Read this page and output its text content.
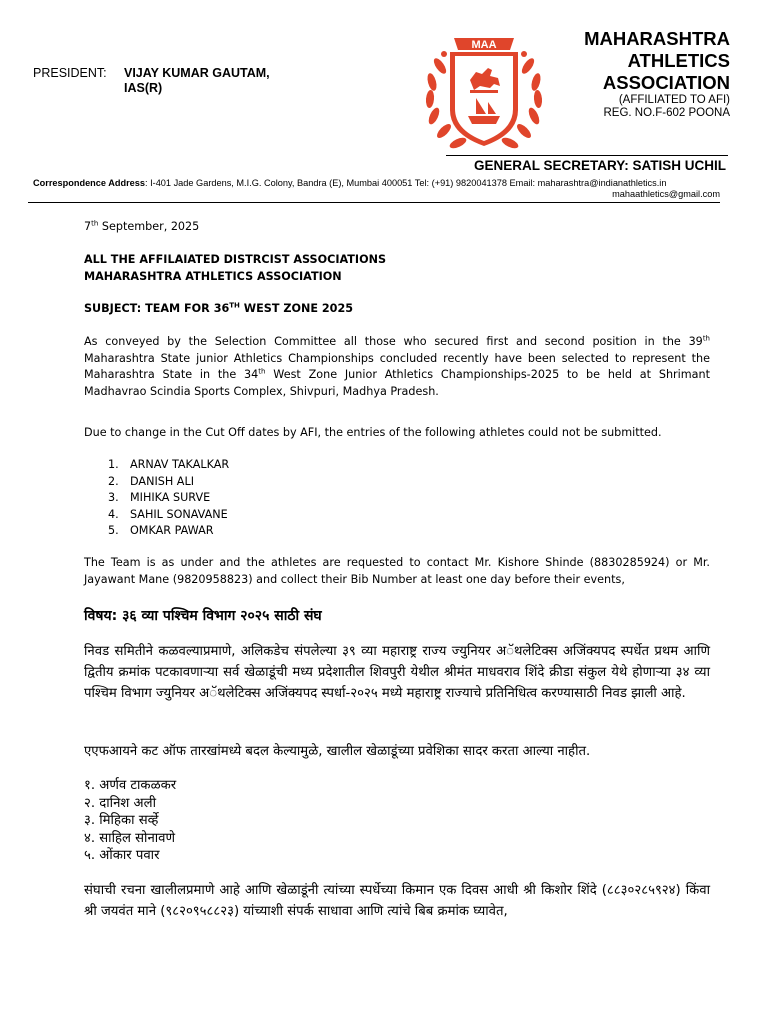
PRESIDENT: VIJAY KUMAR GAUTAM,
IAS(R)
MAA	MAHARASHTRA
ATHLETICS
ASSOCIATION
(AFFILIATED TO AFI)
REG. NO.F-602 POONA
GENERAL SECRETARY: SATISH UCHIL
Correspondence Address: I-401 Jade Gardens, M.I.G. Colony, Bandra (E), Mumbai 400051 Tel: (+91) 9820041378 Email: maharashtra@indianathletics.in
mahaathletics@gmail.com
7th September, 2025
ALL THE AFFILAIATED DISTRCIST ASSOCIATIONS
MAHARASHTRA ATHLETICS ASSOCIATION
SUBJECT: TEAM FOR 36TH WEST ZONE 2025
As conveyed by the Selection Committee all those who secured first and second position in the 39th Maharashtra State junior Athletics Championships concluded recently have been selected to represent the Maharashtra State in the 34th West Zone Junior Athletics Championships-2025 to be held at Shrimant Madhavrao Scindia Sports Complex, Shivpuri, Madhya Pradesh.
Due to change in the Cut Off dates by AFI, the entries of the following athletes could not be submitted.
1. ARNAV TAKALKAR
2. DANISH ALI
3. MIHIKA SURVE
4. SAHIL SONAVANE
5. OMKAR PAWAR
The Team is as under and the athletes are requested to contact Mr. Kishore Shinde (8830285924) or Mr. Jayawant Mane (9820958823) and collect their Bib Number at least one day before their events,
विषय: ३६ व्या पश्चिम विभाग २०२५ साठी संघ
निवड समितीने कळवल्याप्रमाणे, अलिकडेच संपलेल्या ३९ व्या महाराष्ट्र राज्य ज्युनियर अॅथलेटिक्स अजिंक्यपद स्पर्धेत प्रथम आणि द्वितीय क्रमांक पटकावणाऱ्या सर्व खेळाडूंची मध्य प्रदेशातील शिवपुरी येथील श्रीमंत माधवराव शिंदे क्रीडा संकुल येथे होणाऱ्या ३४ व्या पश्चिम विभाग ज्युनियर अॅथलेटिक्स अजिंक्यपद स्पर्धा-२०२५ मध्ये महाराष्ट्र राज्याचे प्रतिनिधित्व करण्यासाठी निवड झाली आहे.
एएफआयने कट ऑफ तारखांमध्ये बदल केल्यामुळे, खालील खेळाडूंच्या प्रवेशिका सादर करता आल्या नाहीत.
१. अर्णव टाकळकर
२. दानिश अली
३. मिहिका सर्व्हे
४. साहिल सोनावणे
५. ओंकार पवार
संघाची रचना खालीलप्रमाणे आहे आणि खेळाडूंनी त्यांच्या स्पर्धेच्या किमान एक दिवस आधी श्री किशोर शिंदे (८८३०२८५९२४) किंवा श्री जयवंत माने (९८२०९५८८२३) यांच्याशी संपर्क साधावा आणि त्यांचे बिब क्रमांक घ्यावेत,
